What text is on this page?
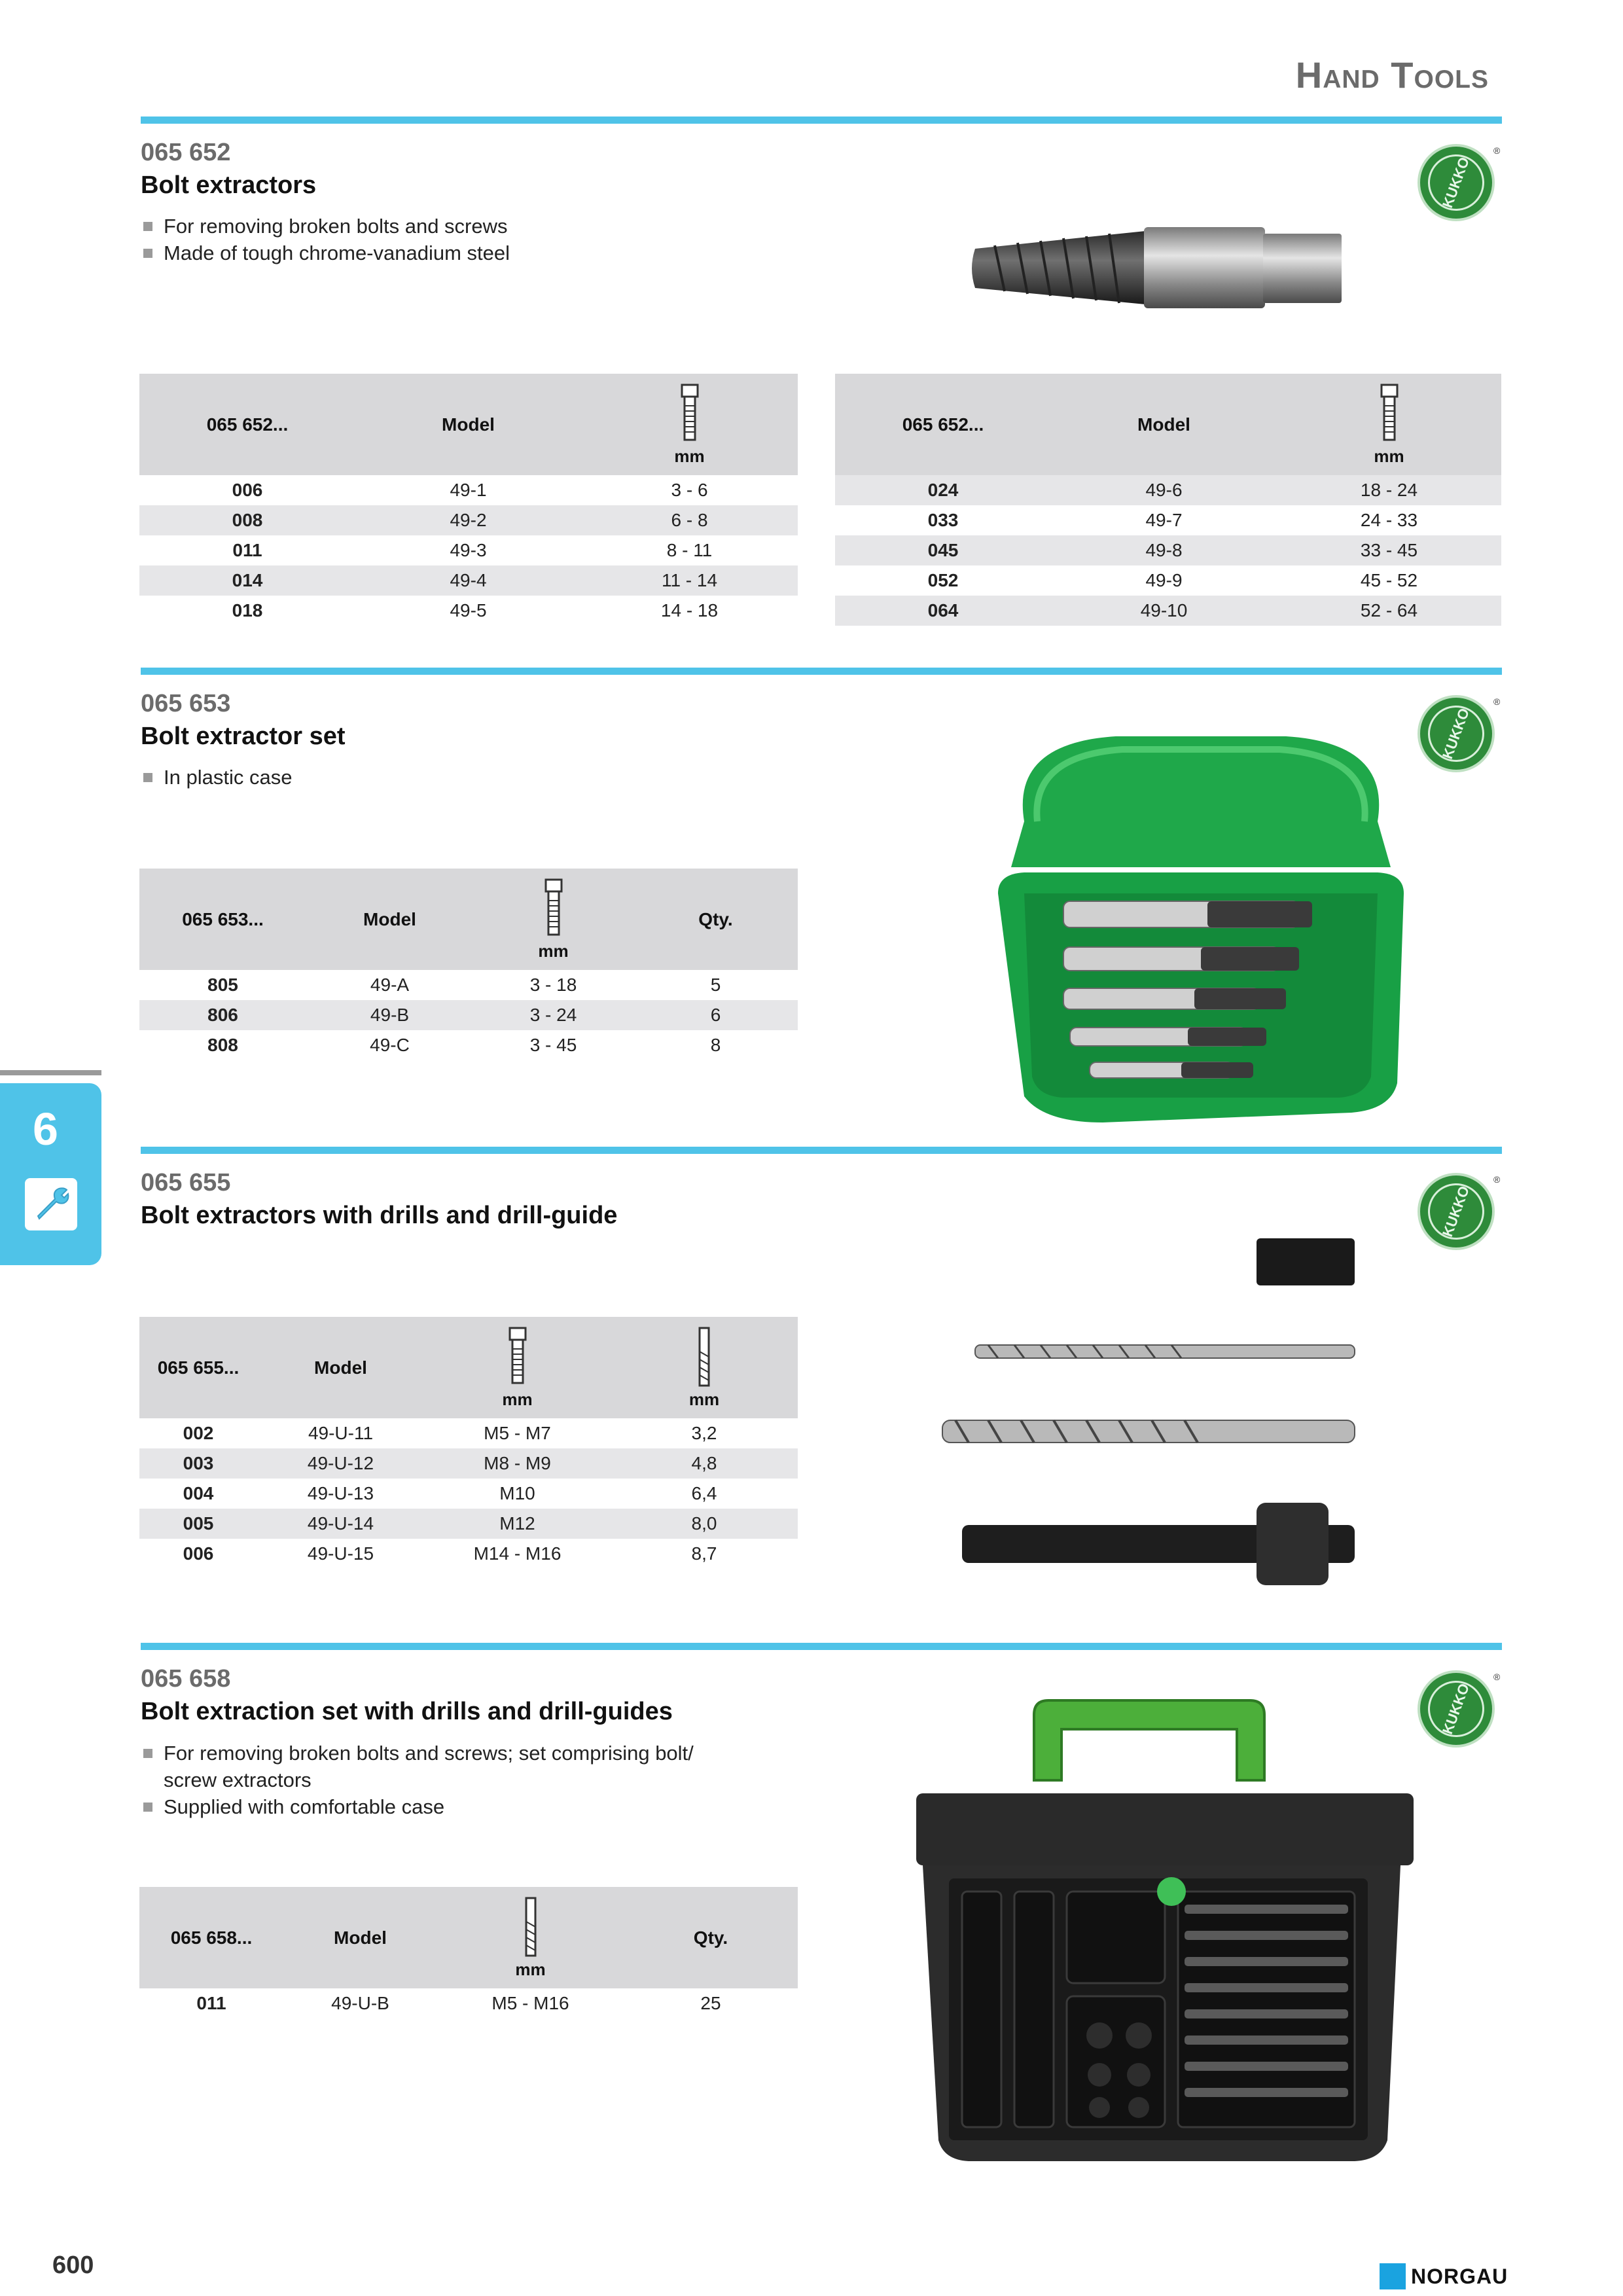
Hand Tools
065 652
Bolt extractors
For removing broken bolts and screws
Made of tough chrome-vanadium steel
KUKKO
®
065 652...	Model	mm

006	49-1	3 - 6
008	49-2	6 - 8
011	49-3	8 - 11
014	49-4	11 - 14
018	49-5	14 - 18
065 652...	Model	mm

024	49-6	18 - 24
033	49-7	24 - 33
045	49-8	33 - 45
052	49-9	45 - 52
064	49-10	52 - 64
065 653
Bolt extractor set
In plastic case
KUKKO
®
065 653...	Model	mm	Qty.
805	49-A	3 - 18	5
806	49-B	3 - 24	6
808	49-C	3 - 45	8
6
065 655
Bolt extractors with drills and drill-guide	KUKKO
®
065 655...	Model	mm	mm

002	49-U-11	M5 - M7	3,2
003	49-U-12	M8 - M9	4,8
004	49-U-13	M10	6,4
005	49-U-14	M12	8,0
006	49-U-15	M14 - M16	8,7
065 658
Bolt extraction set with drills and drill-guides
For removing broken bolts and screws; set comprising bolt/ screw extractors
Supplied with comfortable case
KUKKO
®
065 658...	Model	mm	Qty.
011	49-U-B	M5 - M16	25
600	NORGAU
